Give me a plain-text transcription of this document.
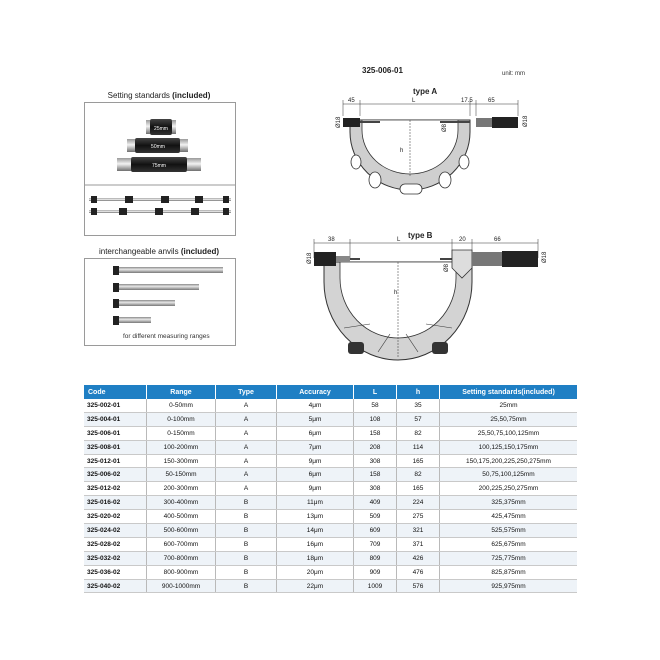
325-006-01	unit: mm
Setting standards (included)
25mm
50mm
75mm
interchangeable anvils (included)
for different measuring ranges
type A
45	L	17.5	65
h
Ø18	Ø18
Ø8
type B
38	L	20	66
h
Ø18	Ø18
Ø8
Code	Range	Type	Accuracy	L	h	Setting standards(included)
325-002-01	0-50mm	A	4μm	58	35	25mm
325-004-01	0-100mm	A	5μm	108	57	25,50,75mm
325-006-01	0-150mm	A	6μm	158	82	25,50,75,100,125mm
325-008-01	100-200mm	A	7μm	208	114	100,125,150,175mm
325-012-01	150-300mm	A	9μm	308	165	150,175,200,225,250,275mm
325-006-02	50-150mm	A	6μm	158	82	50,75,100,125mm
325-012-02	200-300mm	A	9μm	308	165	200,225,250,275mm
325-016-02	300-400mm	B	11μm	409	224	325,375mm
325-020-02	400-500mm	B	13μm	509	275	425,475mm
325-024-02	500-600mm	B	14μm	609	321	525,575mm
325-028-02	600-700mm	B	16μm	709	371	625,675mm
325-032-02	700-800mm	B	18μm	809	426	725,775mm
325-036-02	800-900mm	B	20μm	909	476	825,875mm
325-040-02	900-1000mm	B	22μm	1009	576	925,975mm
